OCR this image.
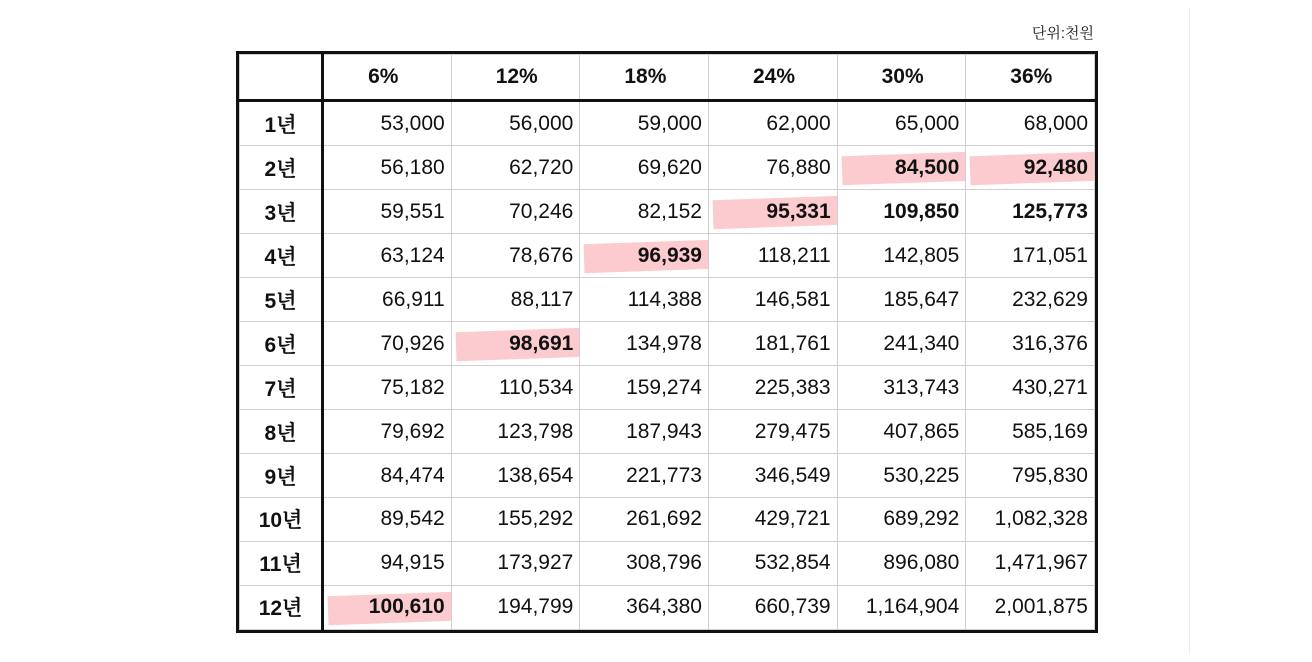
단위:천원
	6%	12%	18%	24%	30%	36%
1년	53,000	56,000	59,000	62,000	65,000	68,000
2년	56,180	62,720	69,620	76,880	84,500	92,480
3년	59,551	70,246	82,152	95,331	109,850	125,773
4년	63,124	78,676	96,939	118,211	142,805	171,051
5년	66,911	88,117	114,388	146,581	185,647	232,629
6년	70,926	98,691	134,978	181,761	241,340	316,376
7년	75,182	110,534	159,274	225,383	313,743	430,271
8년	79,692	123,798	187,943	279,475	407,865	585,169
9년	84,474	138,654	221,773	346,549	530,225	795,830
10년	89,542	155,292	261,692	429,721	689,292	1,082,328
11년	94,915	173,927	308,796	532,854	896,080	1,471,967
12년	100,610	194,799	364,380	660,739	1,164,904	2,001,875
